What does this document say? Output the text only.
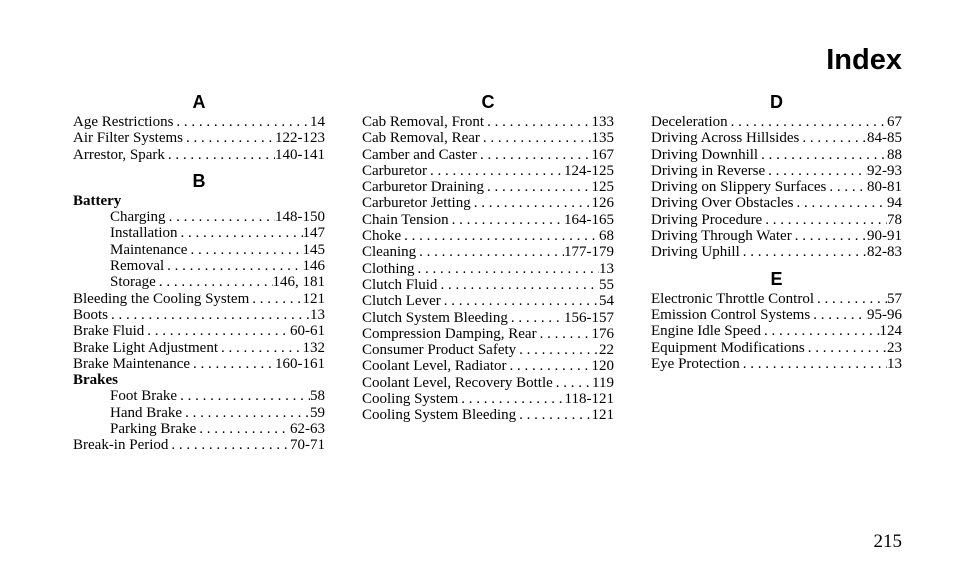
Index
A
Age Restrictions . . .	14
Air Filter Systems . . .	122-123
Arrestor, Spark . . .	140-141
B
Battery
Charging . . .	148-150
Installation . . .	147
Maintenance . . .	145
Removal . . .	146
Storage . . .	146, 181
Bleeding the Cooling System . . .	121
Boots . . .	13
Brake Fluid . . .	60-61
Brake Light Adjustment . . .	132
Brake Maintenance . . .	160-161
Brakes
Foot Brake . . .	58
Hand Brake . . .	59
Parking Brake . . .	62-63
Break-in Period . . .	70-71
C
Cab Removal, Front . . .	133
Cab Removal, Rear . . .	135
Camber and Caster . . .	167
Carburetor . . .	124-125
Carburetor Draining . . .	125
Carburetor Jetting . . .	126
Chain Tension . . .	164-165
Choke . . .	68
Cleaning . . .	177-179
Clothing . . .	13
Clutch Fluid . . .	55
Clutch Lever . . .	54
Clutch System Bleeding . . .	156-157
Compression Damping, Rear . . .	176
Consumer Product Safety . . .	22
Coolant Level, Radiator . . .	120
Coolant Level, Recovery Bottle . . .	119
Cooling System . . .	118-121
Cooling System Bleeding . . .	121
D
Deceleration . . .	67
Driving Across Hillsides . . .	84-85
Driving Downhill . . .	88
Driving in Reverse . . .	92-93
Driving on Slippery Surfaces . . .	80-81
Driving Over Obstacles . . .	94
Driving Procedure . . .	78
Driving Through Water . . .	90-91
Driving Uphill . . .	82-83
E
Electronic Throttle Control . . .	57
Emission Control Systems . . .	95-96
Engine Idle Speed . . .	124
Equipment Modifications . . .	23
Eye Protection . . .	13
215
